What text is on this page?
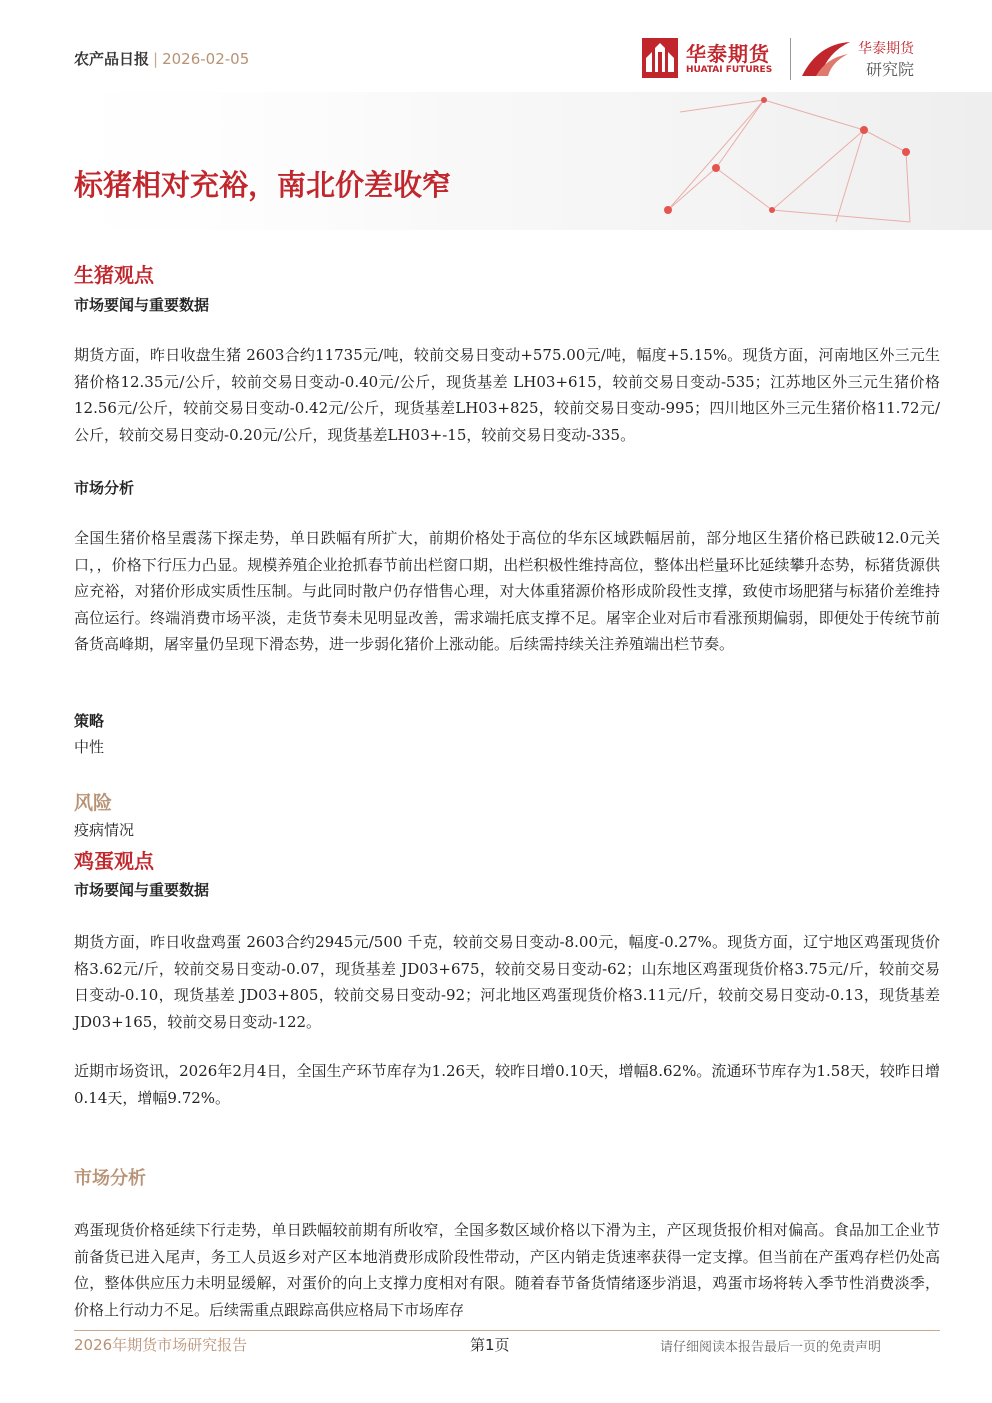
农产品日报 | 2026-02-05	华泰期货
HUATAI FUTURES
华泰期货
研究院
标猪相对充裕，南北价差收窄
生猪观点
市场要闻与重要数据
期货方面，昨日收盘生猪 2603合约11735元/吨，较前交易日变动+575.00元/吨，幅度+5.15%。现货方面，河南地区外三元生猪价格12.35元/公斤，较前交易日变动-0.40元/公斤，现货基差 LH03+615，较前交易日变动-535；江苏地区外三元生猪价格 12.56元/公斤，较前交易日变动-0.42元/公斤，现货基差LH03+825，较前交易日变动-995；四川地区外三元生猪价格11.72元/公斤，较前交易日变动-0.20元/公斤，现货基差LH03+-15，较前交易日变动-335。
市场分析
全国生猪价格呈震荡下探走势，单日跌幅有所扩大，前期价格处于高位的华东区域跌幅居前，部分地区生猪价格已跌破12.0元关口，，价格下行压力凸显。规模养殖企业抢抓春节前出栏窗口期，出栏积极性维持高位，整体出栏量环比延续攀升态势，标猪货源供应充裕，对猪价形成实质性压制。与此同时散户仍存惜售心理，对大体重猪源价格形成阶段性支撑，致使市场肥猪与标猪价差维持高位运行。终端消费市场平淡，走货节奏未见明显改善，需求端托底支撑不足。屠宰企业对后市看涨预期偏弱，即便处于传统节前备货高峰期，屠宰量仍呈现下滑态势，进一步弱化猪价上涨动能。后续需持续关注养殖端出栏节奏。
策略
中性
风险
疫病情况
鸡蛋观点
市场要闻与重要数据
期货方面，昨日收盘鸡蛋 2603合约2945元/500 千克，较前交易日变动-8.00元，幅度-0.27%。现货方面，辽宁地区鸡蛋现货价格3.62元/斤，较前交易日变动-0.07，现货基差 JD03+675，较前交易日变动-62；山东地区鸡蛋现货价格3.75元/斤，较前交易日变动-0.10，现货基差 JD03+805，较前交易日变动-92；河北地区鸡蛋现货价格3.11元/斤，较前交易日变动-0.13，现货基差 JD03+165，较前交易日变动-122。
近期市场资讯，2026年2月4日，全国生产环节库存为1.26天，较昨日增0.10天，增幅8.62%。流通环节库存为1.58天，较昨日增0.14天，增幅9.72%。
市场分析
鸡蛋现货价格延续下行走势，单日跌幅较前期有所收窄，全国多数区域价格以下滑为主，产区现货报价相对偏高。食品加工企业节前备货已进入尾声，务工人员返乡对产区本地消费形成阶段性带动，产区内销走货速率获得一定支撑。但当前在产蛋鸡存栏仍处高位，整体供应压力未明显缓解，对蛋价的向上支撑力度相对有限。随着春节备货情绪逐步消退，鸡蛋市场将转入季节性消费淡季，价格上行动力不足。后续需重点跟踪高供应格局下市场库存
2026年期货市场研究报告	第1页	请仔细阅读本报告最后一页的免责声明
